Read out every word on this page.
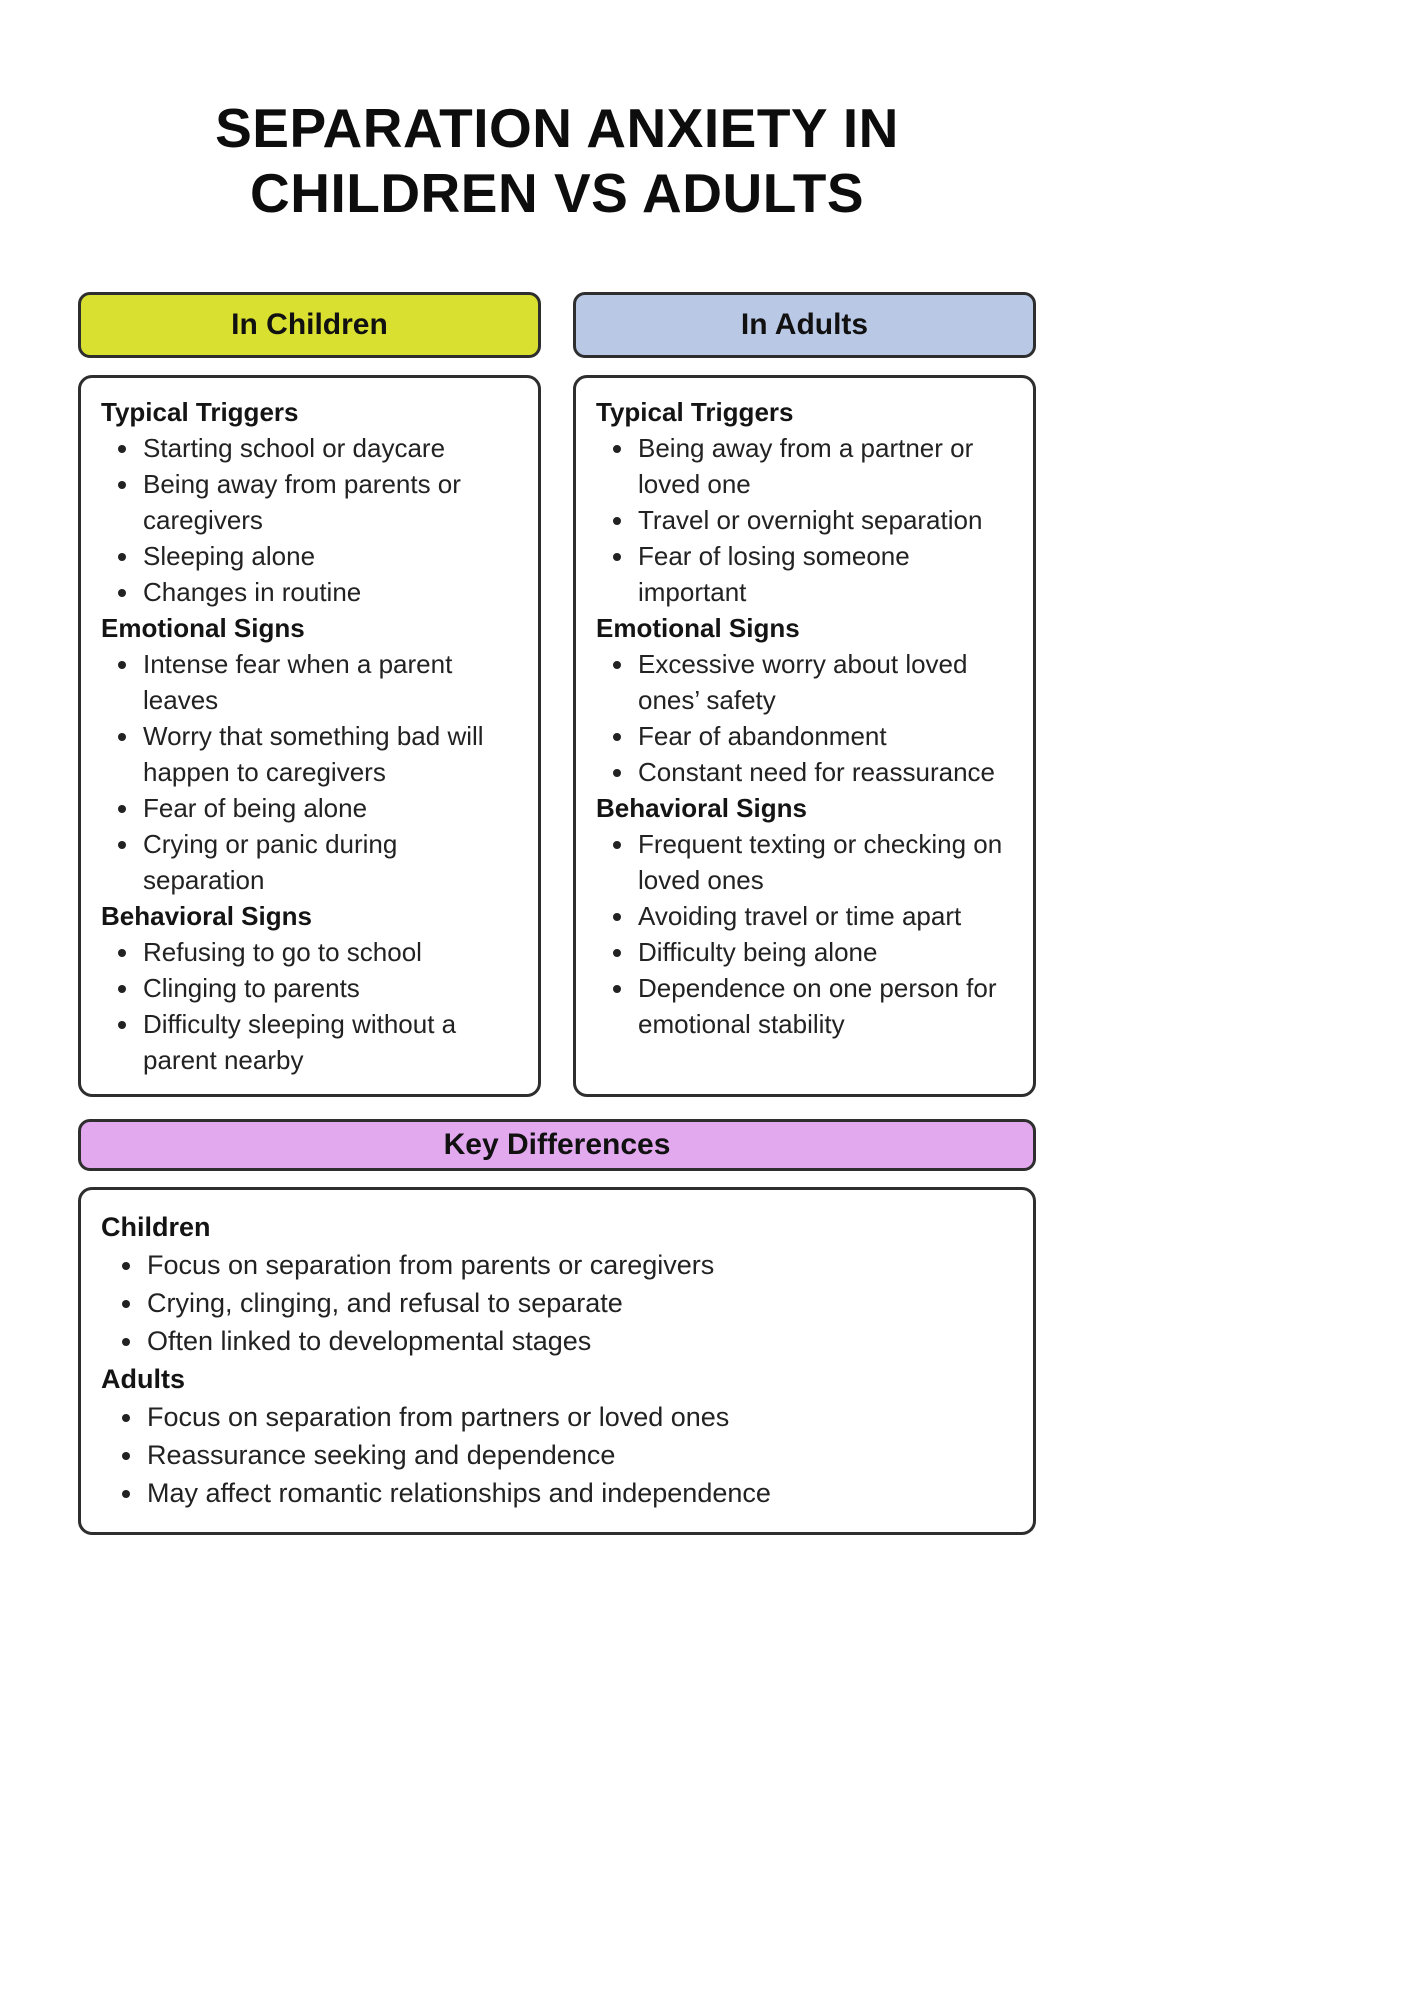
SEPARATION ANXIETY IN
CHILDREN VS ADULTS
In Children
Typical Triggers
• Starting school or daycare
• Being away from parents or caregivers
• Sleeping alone
• Changes in routine
Emotional Signs
• Intense fear when a parent leaves
• Worry that something bad will happen to caregivers
• Fear of being alone
• Crying or panic during separation
Behavioral Signs
• Refusing to go to school
• Clinging to parents
• Difficulty sleeping without a parent nearby
In Adults
Typical Triggers
• Being away from a partner or loved one
• Travel or overnight separation
• Fear of losing someone important
Emotional Signs
• Excessive worry about loved ones’ safety
• Fear of abandonment
• Constant need for reassurance
Behavioral Signs
• Frequent texting or checking on loved ones
• Avoiding travel or time apart
• Difficulty being alone
• Dependence on one person for emotional stability
Key Differences
Children
• Focus on separation from parents or caregivers
• Crying, clinging, and refusal to separate
• Often linked to developmental stages
Adults
• Focus on separation from partners or loved ones
• Reassurance seeking and dependence
• May affect romantic relationships and independence
